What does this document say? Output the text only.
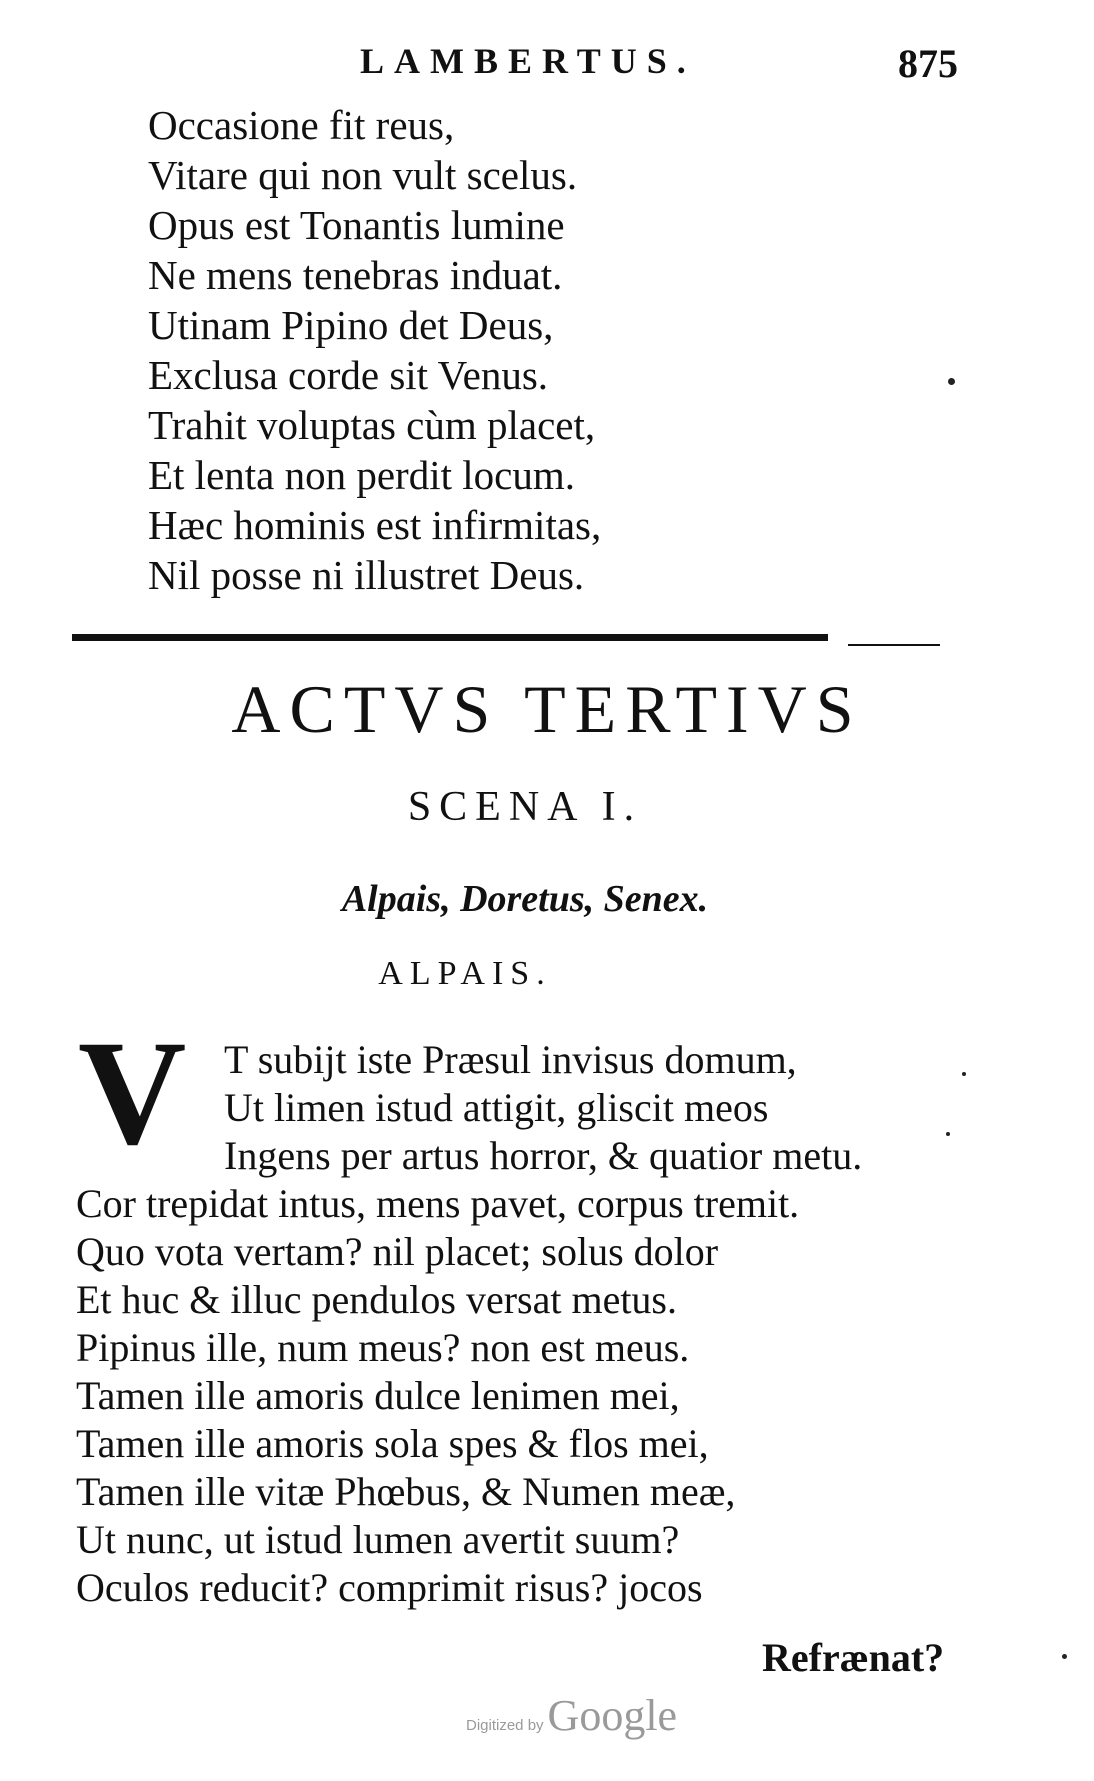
LAMBERTUS.	875
Occasione fit reus,
Vitare qui non vult scelus.
Opus est Tonantis lumine
Ne mens tenebras induat.
Utinam Pipino det Deus,
Exclusa corde sit Venus.
Trahit voluptas cùm placet,
Et lenta non perdit locum.
Hæc hominis est infirmitas,
Nil posse ni illustret Deus.
ACTVS TERTIVS
SCENA I.
Alpais, Doretus, Senex.
ALPAIS.
V T subijt iste Præsul invisus domum,
Ut limen istud attigit, gliscit meos
Ingens per artus horror, & quatior metu.
Cor trepidat intus, mens pavet, corpus tremit.
Quo vota vertam? nil placet; solus dolor
Et huc & illuc pendulos versat metus.
Pipinus ille, num meus? non est meus.
Tamen ille amoris dulce lenimen mei,
Tamen ille amoris sola spes & flos mei,
Tamen ille vitæ Phœbus, & Numen meæ,
Ut nunc, ut istud lumen avertit suum?
Oculos reducit? comprimit risus? jocos
Refrænat?
Digitized by Google
